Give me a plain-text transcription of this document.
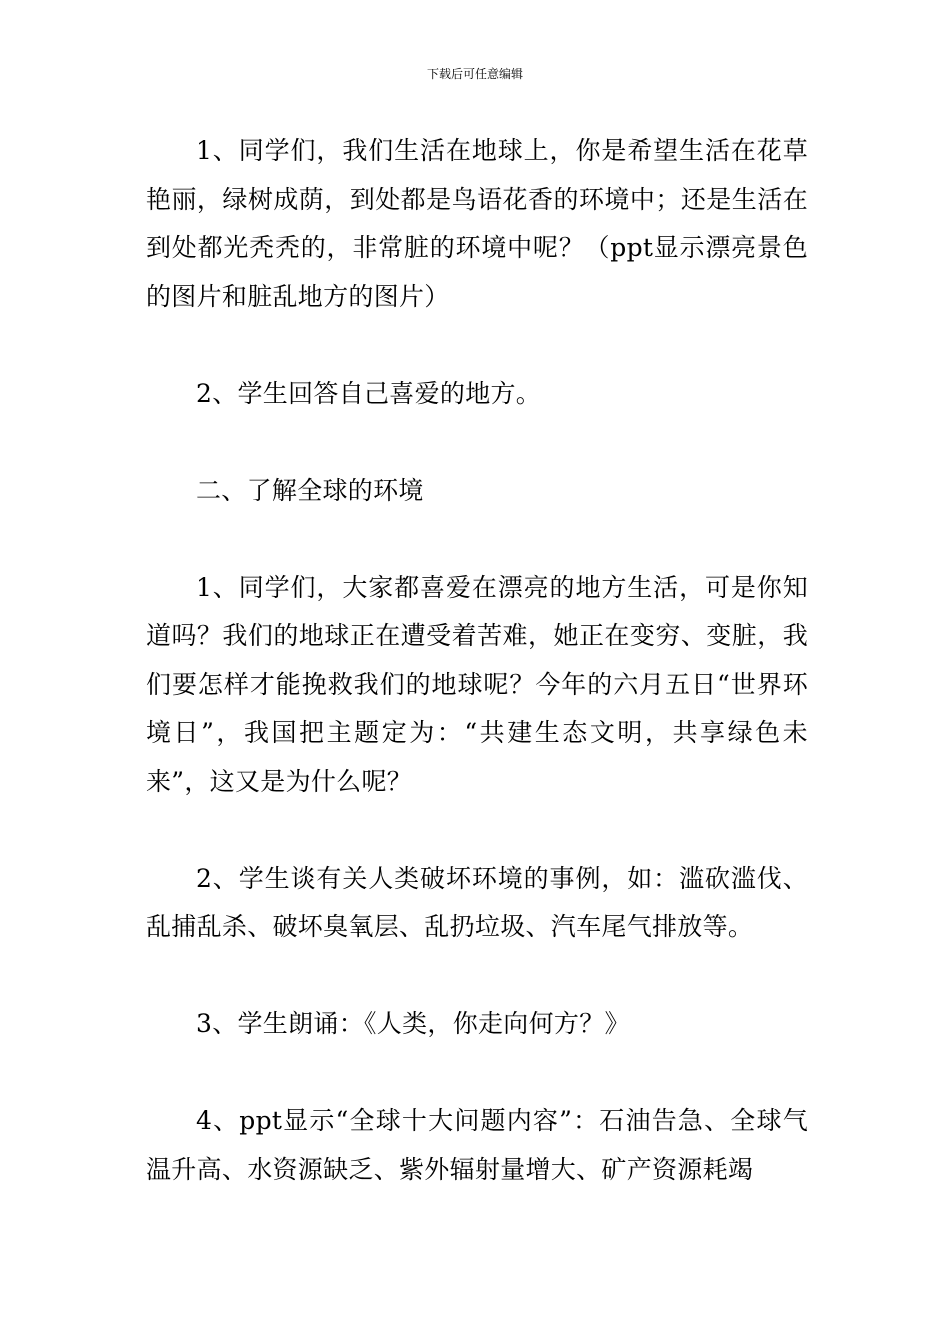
下载后可任意编辑

1、同学们，我们生活在地球上，你是希望生活在花草艳丽，绿树成荫，到处都是鸟语花香的环境中；还是生活在到处都光秃秃的，非常脏的环境中呢？（ppt显示漂亮景色的图片和脏乱地方的图片）

2、学生回答自己喜爱的地方。

二、了解全球的环境

1、同学们，大家都喜爱在漂亮的地方生活，可是你知道吗？我们的地球正在遭受着苦难，她正在变穷、变脏，我们要怎样才能挽救我们的地球呢？今年的六月五日“世界环境日”，我国把主题定为：“共建生态文明，共享绿色未来”，这又是为什么呢？

2、学生谈有关人类破坏环境的事例，如：滥砍滥伐、乱捕乱杀、破坏臭氧层、乱扔垃圾、汽车尾气排放等。

3、学生朗诵：《人类，你走向何方？》

4、ppt显示“全球十大问题内容”：石油告急、全球气温升高、水资源缺乏、紫外辐射量增大、矿产资源耗竭
